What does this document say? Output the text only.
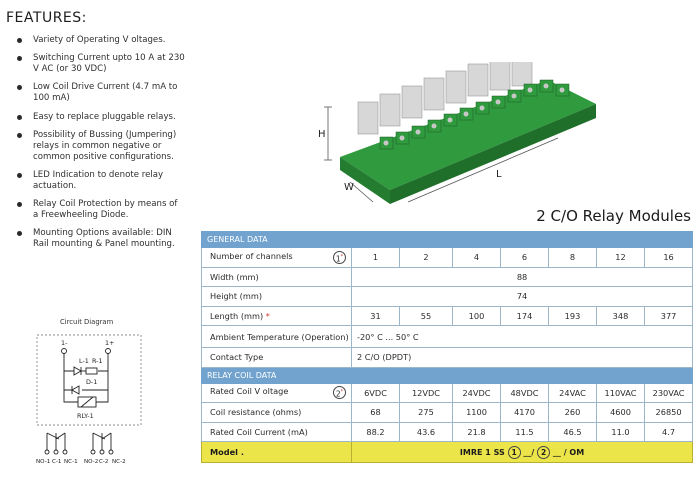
FEATURES:
Variety of Operating V oltages.
Switching Current upto 10 A at 230 V AC (or 30 VDC)
Low Coil Drive Current (4.7 mA to 100 mA)
Easy to replace pluggable relays.
Possibility of Bussing (Jumpering) relays in common negative or common positive configurations.
LED Indication to denote relay actuation.
Relay Coil Protection by means of a Freewheeling Diode.
Mounting Options available: DIN Rail mounting & Panel mounting.
Circuit Diagram
1-	1+
L-1 R-1
D-1
RLY-1
NO-1 C-1 NC-1 NO-2 C-2 NC-2
H
W
L
2 C/O Relay Modules
GENERAL DATA							
Number of channels 1*	1	2	4	6	8	12	16
Width (mm)	88						
Height (mm)	74						
Length (mm) *	31	55	100	174	193	348	377
Ambient Temperature (Operation)	-20° C ... 50° C						
Contact Type	2 C/O (DPDT)						
RELAY COIL DATA							
Rated Coil V oltage 2*	6VDC	12VDC	24VDC	48VDC	24VAC	110VAC	230VAC
Coil resistance (ohms)	68	275	1100	4170	260	4600	26850
Rated Coil Current (mA)	88.2	43.6	21.8	11.5	46.5	11.0	4.7
Model .	IMRE 1 SS 1 __/ 2 __ / OM						
